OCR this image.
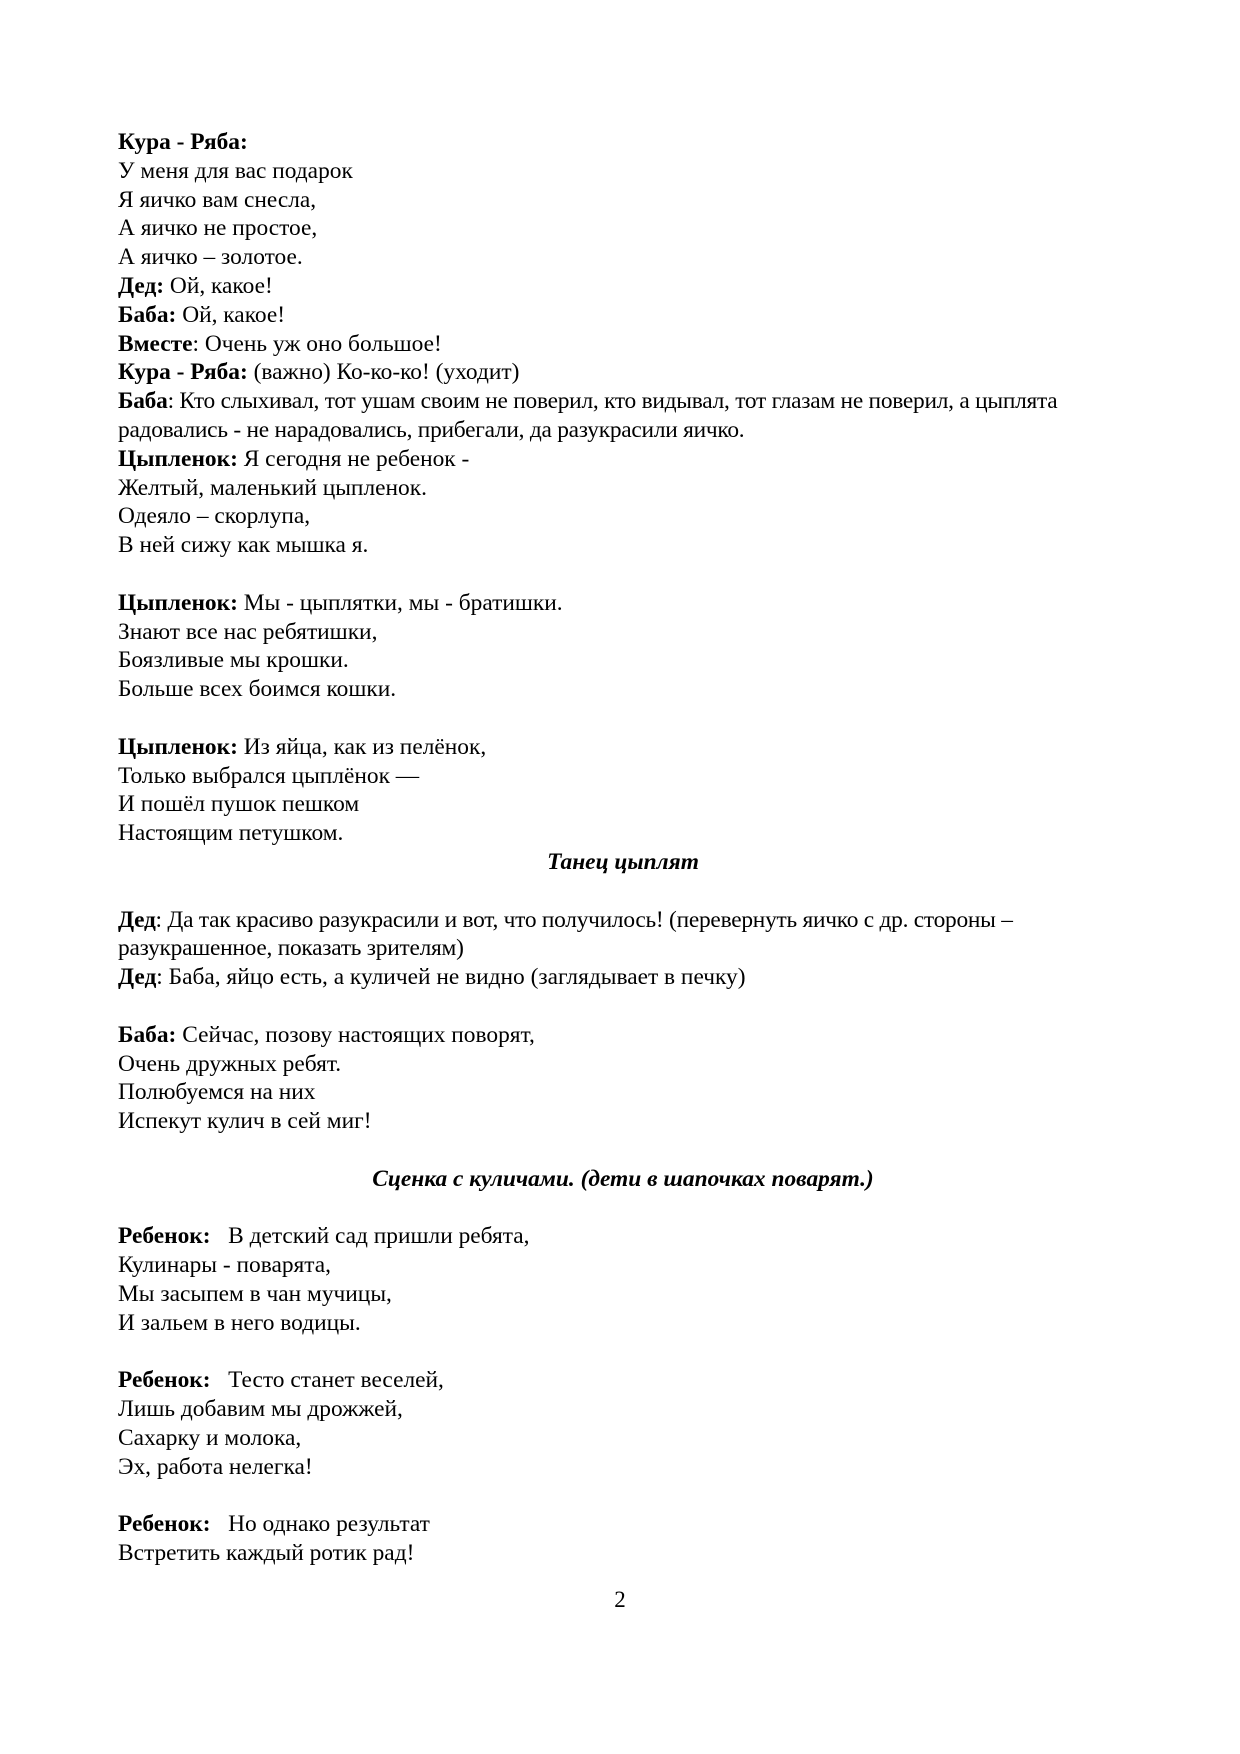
Кура - Ряба:
У меня для вас подарок
Я яичко вам снесла,
А яичко не простое,
А яичко – золотое.
Дед: Ой, какое!
Баба: Ой, какое!
Вместе: Очень уж оно большое!
Кура - Ряба: (важно) Ко-ко-ко! (уходит)
Баба: Кто слыхивал, тот ушам своим не поверил, кто видывал, тот глазам не поверил, а цыплята радовались - не нарадовались, прибегали, да разукрасили яичко.
Цыпленок: Я сегодня не ребенок -
Желтый, маленький цыпленок.
Одеяло – скорлупа,
В ней сижу как мышка я.
Цыпленок: Мы - цыплятки, мы - братишки.
Знают все нас ребятишки,
Боязливые мы крошки.
Больше всех боимся кошки.
Цыпленок: Из яйца, как из пелёнок,
Только выбрался цыплёнок —
И пошёл пушок пешком
Настоящим петушком.
Танец цыплят
Дед: Да так красиво разукрасили и вот, что получилось! (перевернуть яичко с др. стороны – разукрашенное, показать зрителям)
Дед: Баба, яйцо есть, а куличей не видно (заглядывает в печку)
Баба: Сейчас, позову настоящих поворят,
Очень дружных ребят.
Полюбуемся на них
Испекут кулич в сей миг!
Сценка с куличами. (дети в шапочках поварят.)
Ребенок:   В детский сад пришли ребята,
Кулинары - поварята,
Мы засыпем в чан мучицы,
И зальем в него водицы.
Ребенок:   Тесто станет веселей,
Лишь добавим мы дрожжей,
Сахарку и молока,
Эх, работа нелегка!
Ребенок:   Но однако результат
Встретить каждый ротик рад!
2
